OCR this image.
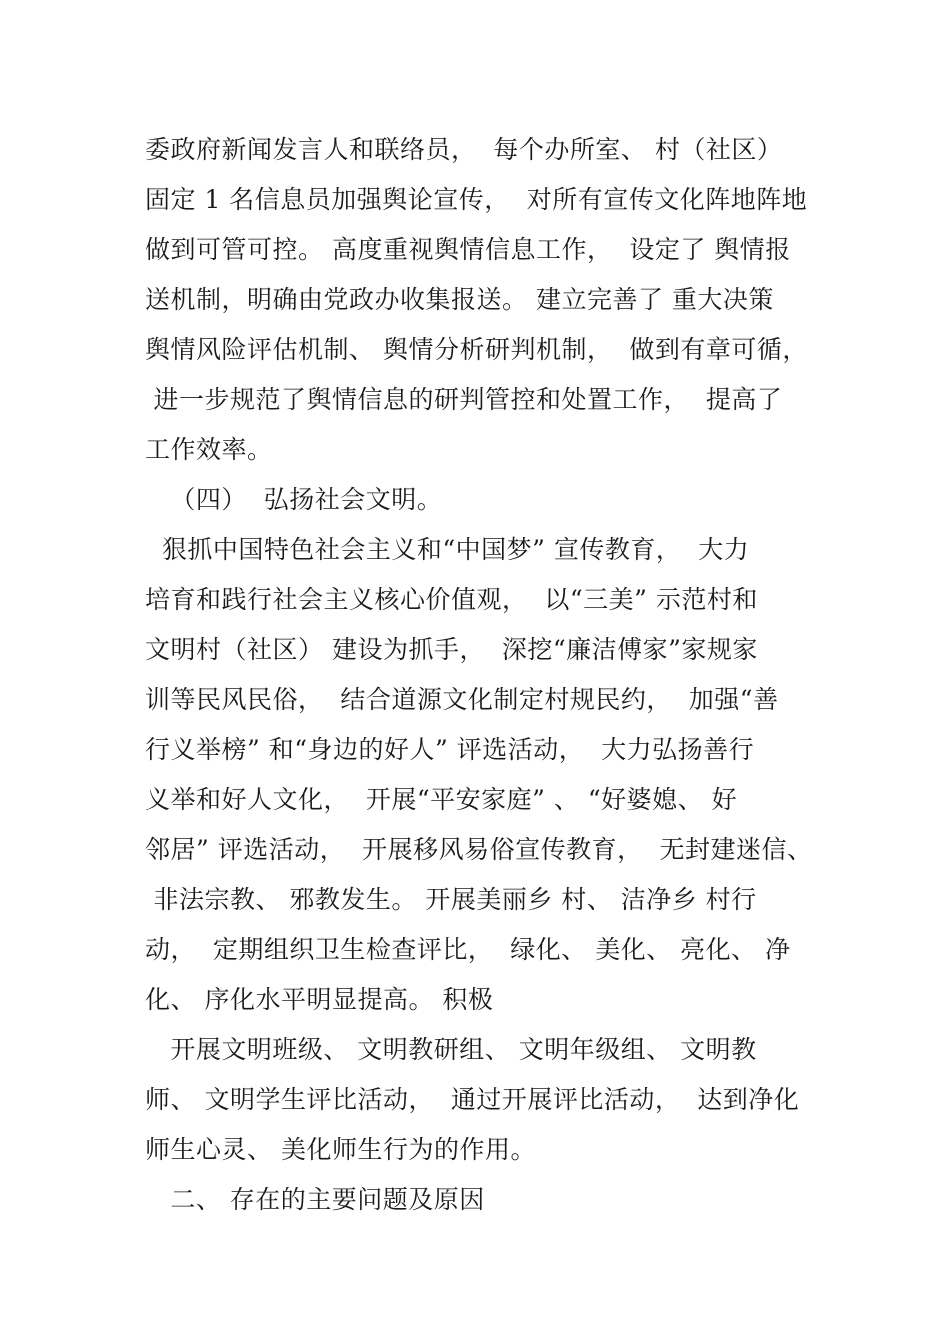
委政府新闻发言人和联络员，  每个办所室、 村（社区）
固定 1 名信息员加强舆论宣传，  对所有宣传文化阵地阵地
做到可管可控。 高度重视舆情信息工作，  设定了 舆情报
送机制，明确由党政办收集报送。 建立完善了 重大决策
舆情风险评估机制、 舆情分析研判机制，  做到有章可循，
进一步规范了舆情信息的研判管控和处置工作，  提高了
工作效率。
（四）  弘扬社会文明。
狠抓中国特色社会主义和“中国梦” 宣传教育，  大力
培育和践行社会主义核心价值观，  以“三美” 示范村和
文明村（社区） 建设为抓手，  深挖“廉洁傅家”家规家
训等民风民俗，  结合道源文化制定村规民约，  加强“善
行义举榜” 和“身边的好人” 评选活动，  大力弘扬善行
义举和好人文化，  开展“平安家庭” 、 “好婆媳、 好
邻居” 评选活动，  开展移风易俗宣传教育，  无封建迷信、
非法宗教、 邪教发生。 开展美丽乡 村、 洁净乡 村行
动，  定期组织卫生检查评比，  绿化、 美化、 亮化、 净
化、 序化水平明显提高。 积极
开展文明班级、 文明教研组、 文明年级组、 文明教
师、 文明学生评比活动，  通过开展评比活动，  达到净化
师生心灵、 美化师生行为的作用。
二、 存在的主要问题及原因
